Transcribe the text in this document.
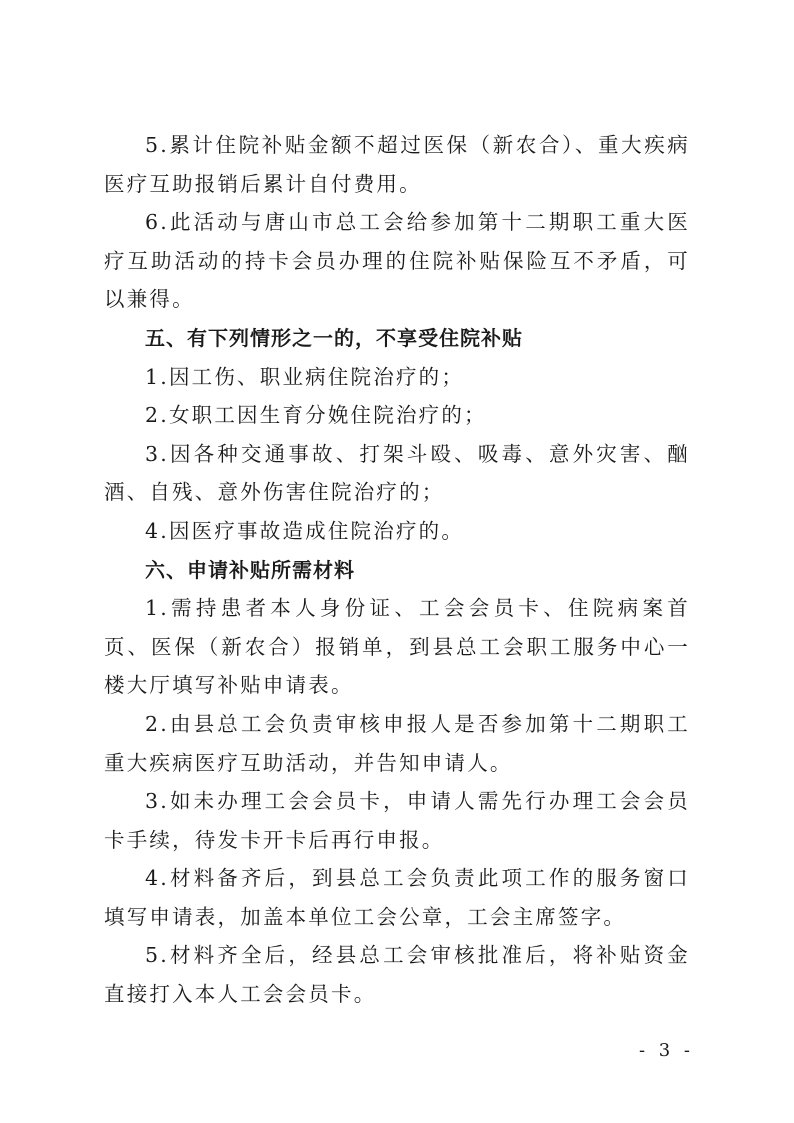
5.累计住院补贴金额不超过医保（新农合）、重大疾病医疗互助报销后累计自付费用。

6.此活动与唐山市总工会给参加第十二期职工重大医疗互助活动的持卡会员办理的住院补贴保险互不矛盾，可以兼得。

五、有下列情形之一的，不享受住院补贴

1.因工伤、职业病住院治疗的；

2.女职工因生育分娩住院治疗的；

3.因各种交通事故、打架斗殴、吸毒、意外灾害、酗酒、自残、意外伤害住院治疗的；

4.因医疗事故造成住院治疗的。

六、申请补贴所需材料

1.需持患者本人身份证、工会会员卡、住院病案首页、医保（新农合）报销单，到县总工会职工服务中心一楼大厅填写补贴申请表。

2.由县总工会负责审核申报人是否参加第十二期职工重大疾病医疗互助活动，并告知申请人。

3.如未办理工会会员卡，申请人需先行办理工会会员卡手续，待发卡开卡后再行申报。

4.材料备齐后，到县总工会负责此项工作的服务窗口填写申请表，加盖本单位工会公章，工会主席签字。

5.材料齐全后，经县总工会审核批准后，将补贴资金直接打入本人工会会员卡。

- 3 -
